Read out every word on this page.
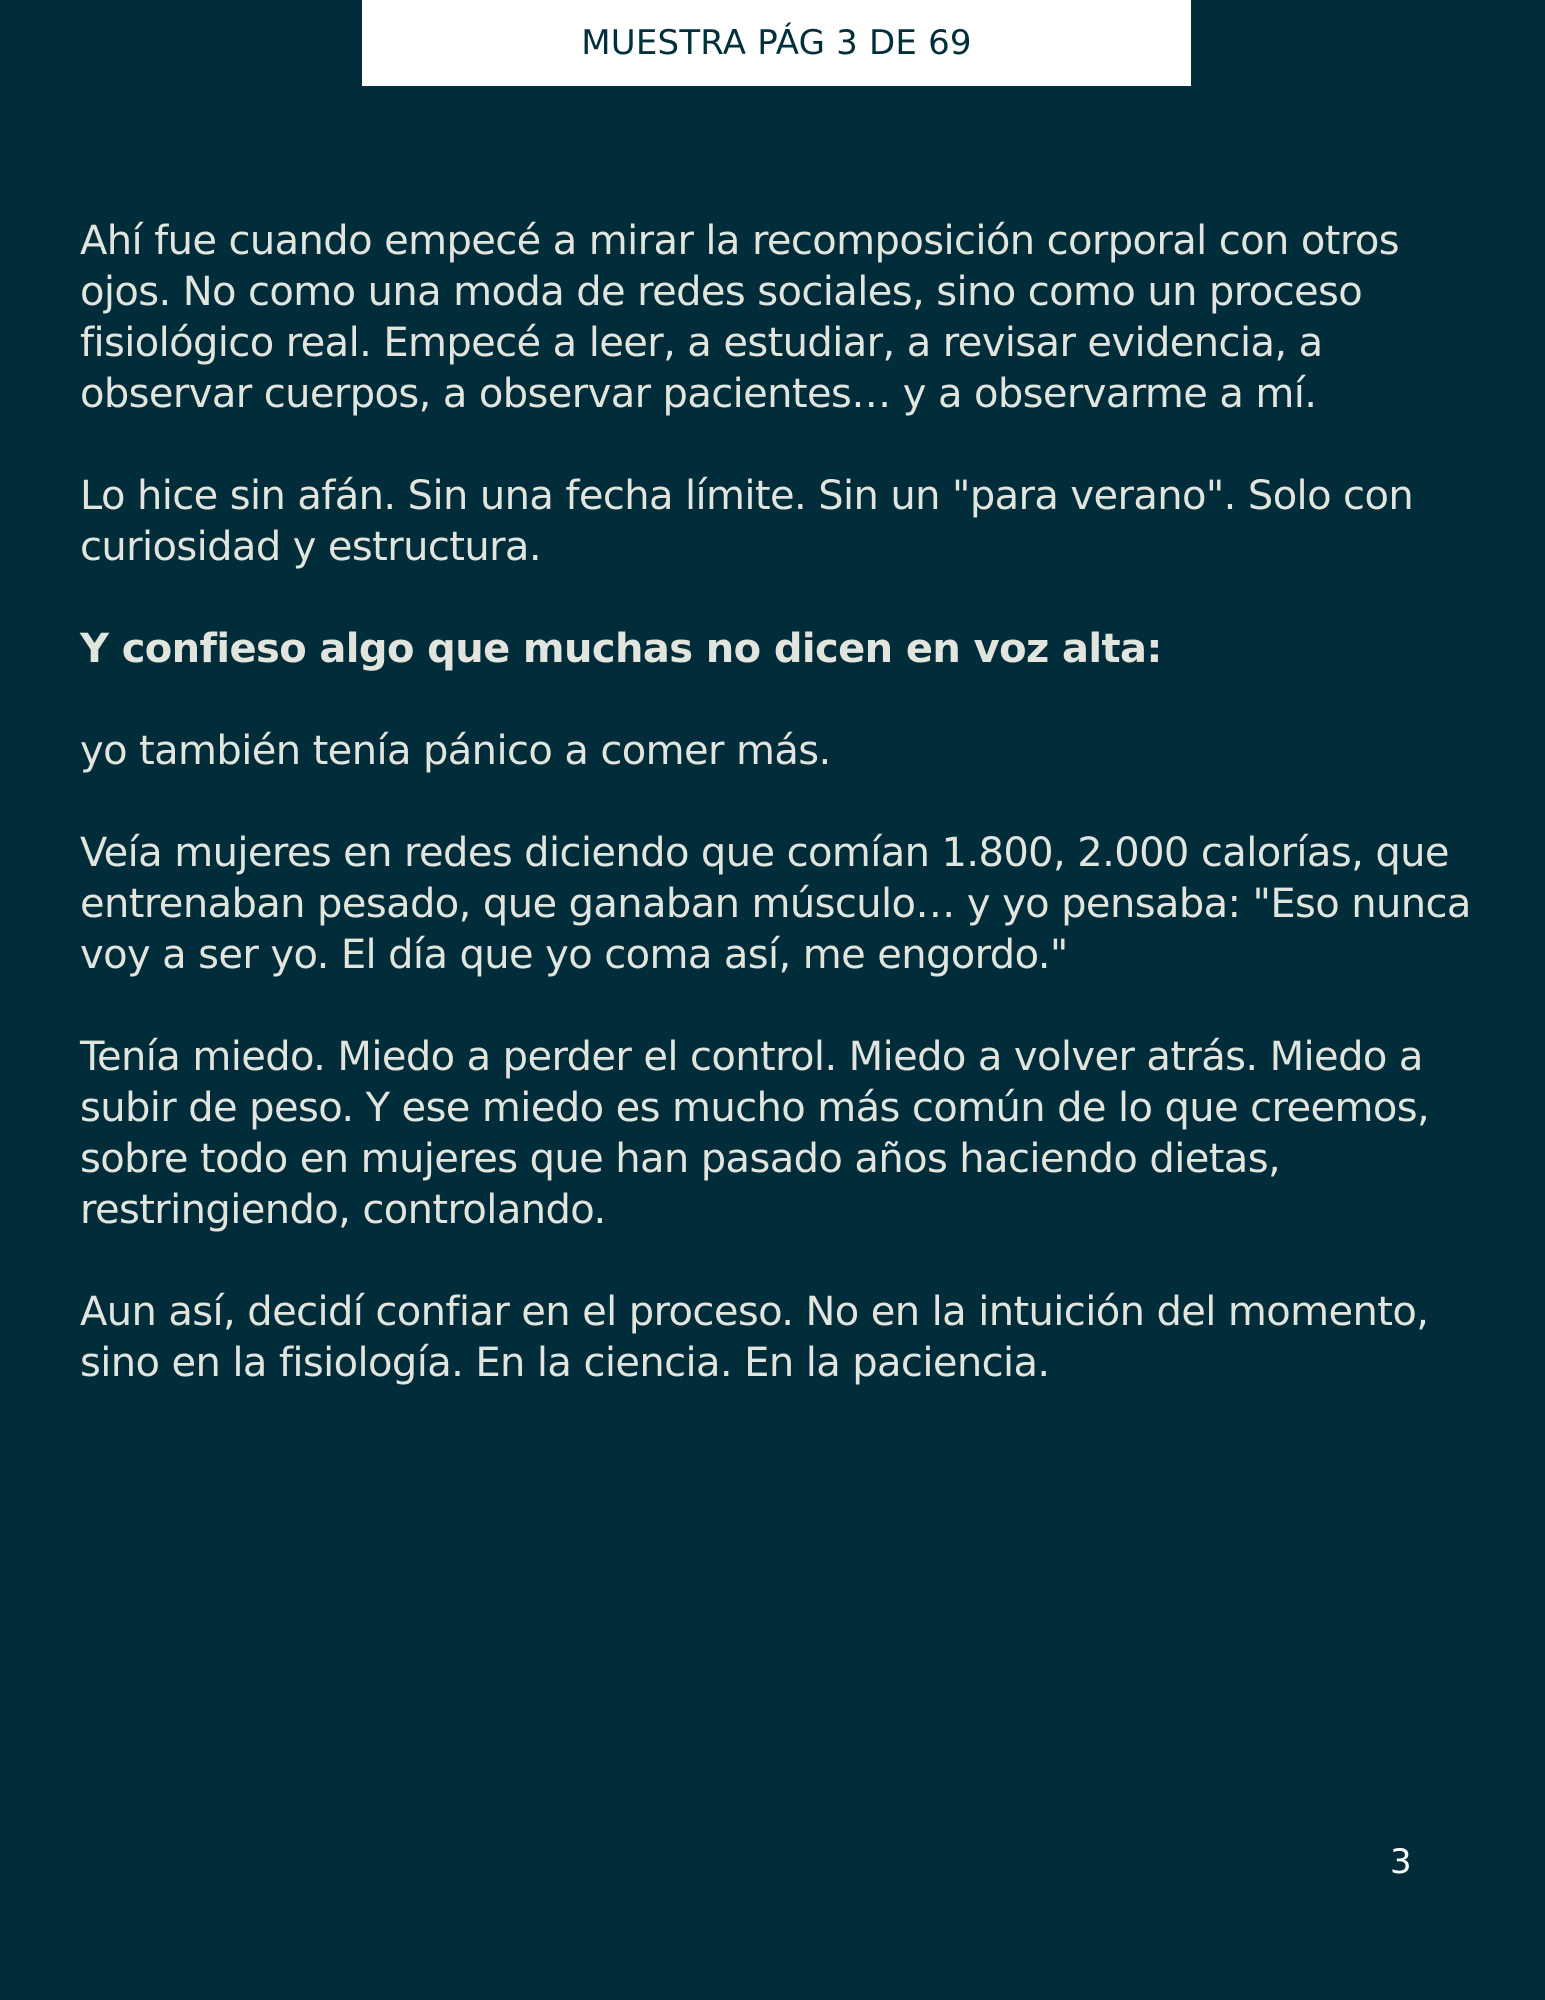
MUESTRA PÁG 3 DE 69

Ahí fue cuando empecé a mirar la recomposición corporal con otros ojos. No como una moda de redes sociales, sino como un proceso fisiológico real. Empecé a leer, a estudiar, a revisar evidencia, a observar cuerpos, a observar pacientes… y a observarme a mí.

Lo hice sin afán. Sin una fecha límite. Sin un "para verano". Solo con curiosidad y estructura.

Y confieso algo que muchas no dicen en voz alta:

yo también tenía pánico a comer más.

Veía mujeres en redes diciendo que comían 1.800, 2.000 calorías, que entrenaban pesado, que ganaban músculo… y yo pensaba: "Eso nunca voy a ser yo. El día que yo coma así, me engordo."

Tenía miedo. Miedo a perder el control. Miedo a volver atrás. Miedo a subir de peso. Y ese miedo es mucho más común de lo que creemos, sobre todo en mujeres que han pasado años haciendo dietas, restringiendo, controlando.

Aun así, decidí confiar en el proceso. No en la intuición del momento, sino en la fisiología. En la ciencia. En la paciencia.

3
